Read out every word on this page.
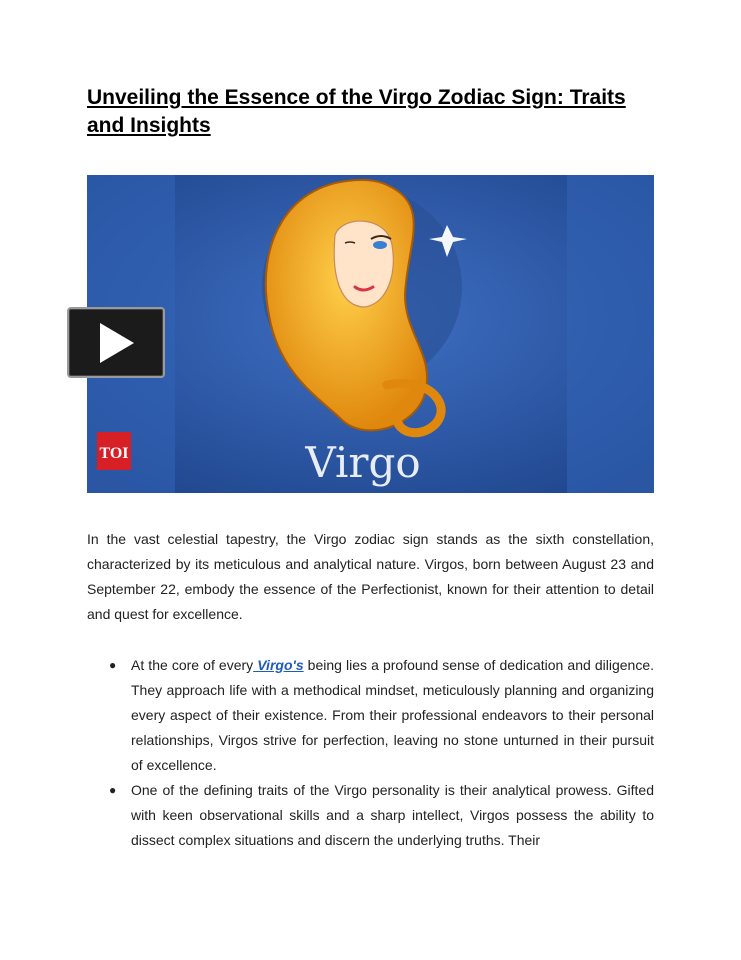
Unveiling the Essence of the Virgo Zodiac Sign: Traits and Insights
TOI	Virgo

In the vast celestial tapestry, the Virgo zodiac sign stands as the sixth constellation, characterized by its meticulous and analytical nature. Virgos, born between August 23 and September 22, embody the essence of the Perfectionist, known for their attention to detail and quest for excellence.

● At the core of every Virgo's being lies a profound sense of dedication and diligence. They approach life with a methodical mindset, meticulously planning and organizing every aspect of their existence. From their professional endeavors to their personal relationships, Virgos strive for perfection, leaving no stone unturned in their pursuit of excellence.
● One of the defining traits of the Virgo personality is their analytical prowess. Gifted with keen observational skills and a sharp intellect, Virgos possess the ability to dissect complex situations and discern the underlying truths. Their
